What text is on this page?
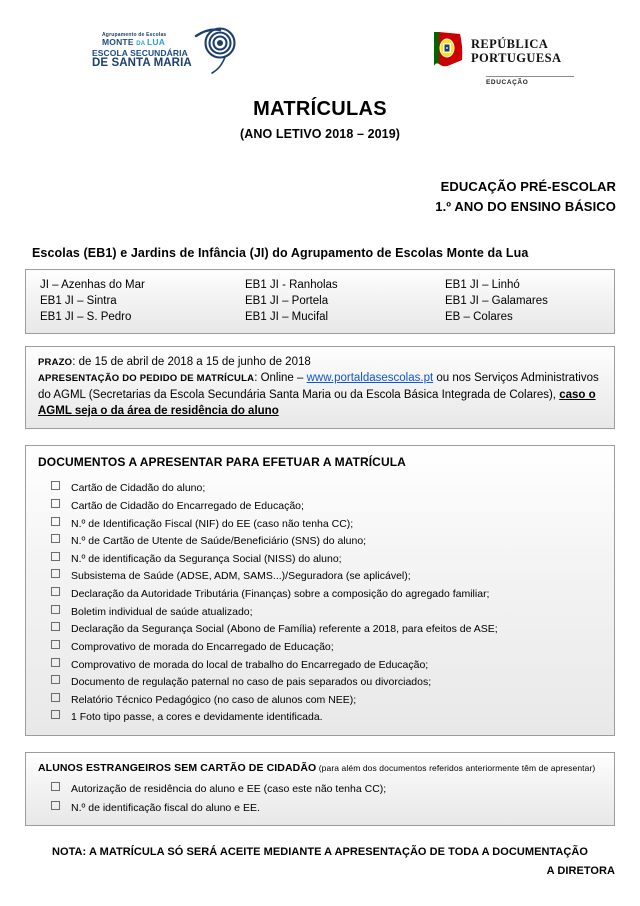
Agrupamento de Escolas
MONTE DA LUA
ESCOLA SECUNDÁRIA
DE SANTA MARIA
REPÚBLICA
PORTUGUESA
EDUCAÇÃO
MATRÍCULAS
(ANO LETIVO 2018 – 2019)
EDUCAÇÃO PRÉ-ESCOLAR
1.º ANO DO ENSINO BÁSICO
Escolas (EB1) e Jardins de Infância (JI) do Agrupamento de Escolas Monte da Lua
JI – Azenhas do Mar	EB1 JI - Ranholas	EB1 JI – Linhó
EB1 JI – Sintra	EB1 JI – Portela	EB1 JI – Galamares
EB1 JI – S. Pedro	EB1 JI – Mucifal	EB – Colares
PRAZO: de 15 de abril de 2018 a 15 de junho de 2018
APRESENTAÇÃO DO PEDIDO DE MATRÍCULA: Online – www.portaldasescolas.pt ou nos Serviços Administrativos do AGML (Secretarias da Escola Secundária Santa Maria ou da Escola Básica Integrada de Colares), caso o AGML seja o da área de residência do aluno
DOCUMENTOS A APRESENTAR PARA EFETUAR A MATRÍCULA
Cartão de Cidadão do aluno;
Cartão de Cidadão do Encarregado de Educação;
N.º de Identificação Fiscal (NIF) do EE (caso não tenha CC);
N.º de Cartão de Utente de Saúde/Beneficiário (SNS) do aluno;
N.º de identificação da Segurança Social (NISS) do aluno;
Subsistema de Saúde (ADSE, ADM, SAMS...)/Seguradora (se aplicável);
Declaração da Autoridade Tributária (Finanças) sobre a composição do agregado familiar;
Boletim individual de saúde atualizado;
Declaração da Segurança Social (Abono de Família) referente a 2018, para efeitos de ASE;
Comprovativo de morada do Encarregado de Educação;
Comprovativo de morada do local de trabalho do Encarregado de Educação;
Documento de regulação paternal no caso de pais separados ou divorciados;
Relatório Técnico Pedagógico (no caso de alunos com NEE);
1 Foto tipo passe, a cores e devidamente identificada.
ALUNOS ESTRANGEIROS SEM CARTÃO DE CIDADÃO (para além dos documentos referidos anteriormente têm de apresentar)
Autorização de residência do aluno e EE (caso este não tenha CC);
N.º de identificação fiscal do aluno e EE.
NOTA: A MATRÍCULA SÓ SERÁ ACEITE MEDIANTE A APRESENTAÇÃO DE TODA A DOCUMENTAÇÃO
A DIRETORA
